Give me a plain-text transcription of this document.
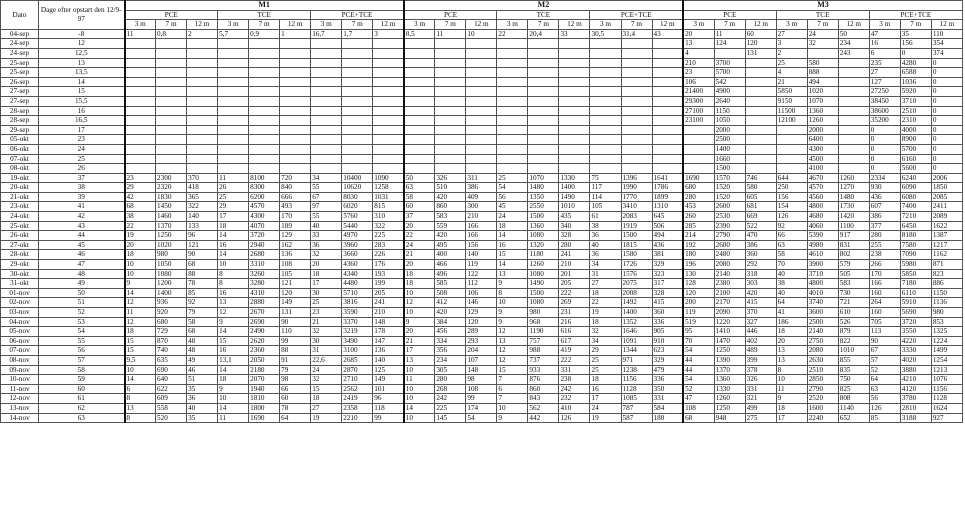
Dato	Dage efter opstart den 12/9-97	M1									M2									M3								
		PCE			TCE			PCE+TCE			PCE			TCE			PCE+TCE			PCE			TCE			PCE+TCE		
		3 m	7 m	12 m	3 m	7 m	12 m	3 m	7 m	12 m	3 m	7 m	12 m	3 m	7 m	12 m	3 m	7 m	12 m	3 m	7 m	12 m	3 m	7 m	12 m	3 m	7 m	12 m
04-sep	-8	11	0,8	2	5,7	0,9	1	16,7	1,7	3	8,5	11	10	22	20,4	33	30,5	31,4	43	20	11	60	27	24	50	47	35	110
24-sep	12																			13	124	120	3	32	234	16	156	354
24-sep	12,5																			4		131	2		243	6	0	374
25-sep	13																			210	3700		25	580		235	4280	0
25-sep	13,5																			23	5700		4	888		27	6588	0
26-sep	14																			106	542		21	494		127	1036	0
27-sep	15																			21400	4900		5850	1020		27250	5920	0
27-sep	15,5																			29300	2640		9150	1070		38450	3710	0
28-sep	16																			27100	1150		11500	1360		38600	2510	0
28-sep	16,5																			23100	1050		12100	1260		35200	2310	0
29-sep	17																				2000			2000		0	4000	0
05-okt	23																				2500			6400		0	8900	0
06-okt	24																				1400			4300		0	5700	0
07-okt	25																				1660			4500		0	6160	0
08-okt	26																				1500			4100		0	5600	0
19-okt	37	23	2300	370	11	8100	720	34	10400	1090	50	326	311	25	1070	1330	75	1396	1641	1690	1570	746	644	4670	1260	2334	6240	2006
20-okt	38	29	2320	418	26	8300	840	55	10620	1258	63	510	386	54	1480	1400	117	1990	1786	680	1520	580	250	4570	1270	930	6090	1850
21-okt	39	42	1830	365	25	6200	666	67	8030	1031	58	420	409	56	1350	1490	114	1770	1899	280	1520	605	156	4560	1480	436	6080	2085
23-okt	41	68	1450	322	29	4570	493	97	6020	815	60	860	300	45	2550	1010	105	3410	1310	453	2600	681	154	4800	1730	607	7400	2411
24-okt	42	38	1460	140	17	4300	170	55	5760	310	37	583	210	24	1500	435	61	2083	645	260	2530	669	126	4680	1420	386	7210	2089
25-okt	43	22	1370	133	18	4070	189	40	5440	322	20	559	166	18	1360	340	38	1919	506	285	2390	522	92	4060	1100	377	6450	1622
26-okt	44	19	1250	96	14	3720	129	33	4970	225	22	420	166	14	1080	328	36	1500	494	214	2790	470	66	5390	917	280	8180	1387
27-okt	45	20	1020	121	16	2940	162	36	3960	283	24	495	156	16	1320	280	40	1815	436	192	2600	386	63	4980	831	255	7580	1217
28-okt	46	18	980	90	14	2680	136	32	3660	226	21	400	140	15	1180	241	36	1580	381	180	2480	360	58	4610	802	238	7090	1162
29-okt	47	10	1050	68	10	3310	108	20	4360	176	20	466	119	14	1260	210	34	1726	329	196	2080	292	70	3900	579	266	5980	871
30-okt	48	10	1080	88	8	3260	105	18	4340	193	18	496	122	13	1080	201	31	1576	323	130	2140	318	40	3710	505	170	5850	823
31-okt	49	9	1200	78	8	3280	121	17	4480	199	18	585	112	9	1490	205	27	2075	317	128	2380	303	38	4800	583	166	7180	886
01-nov	50	14	1400	85	16	4310	120	30	5710	205	10	508	106	8	1500	222	18	2008	328	120	2100	420	40	4010	730	160	6110	1150
02-nov	51	12	936	92	13	2880	149	25	3816	241	12	412	146	10	1080	269	22	1492	415	200	2170	415	64	3740	721	264	5910	1136
03-nov	52	11	920	79	12	2670	131	23	3590	210	10	420	129	9	980	231	19	1400	360	119	2090	370	41	3600	610	160	5690	980
04-nov	53	12	680	58	9	2690	90	21	3370	148	9	384	120	9	968	216	18	1352	336	519	1220	327	186	2500	526	705	3720	853
05-nov	54	18	729	68	14	2490	110	32	3219	178	20	456	289	12	1190	616	32	1646	905	95	1410	446	18	2140	879	113	3550	1325
06-nov	55	15	870	48	15	2620	99	30	3490	147	21	334	293	13	757	617	34	1091	910	70	1470	402	20	2750	822	90	4220	1224
07-nov	56	15	740	48	16	2360	88	31	3100	136	17	356	204	12	988	419	29	1344	623	54	1250	489	13	2080	1010	67	3330	1499
08-nov	57	9,5	635	49	13,1	2050	91	22,6	2685	140	13	234	107	12	737	222	25	971	329	44	1390	399	13	2630	855	57	4020	1254
09-nov	58	10	690	46	14	2180	79	24	2870	125	10	305	148	15	933	331	25	1238	479	44	1370	378	8	2510	835	52	3880	1213
10-nov	59	14	640	51	18	2070	98	32	2710	149	11	280	98	7	876	238	18	1156	336	54	1360	326	10	2850	750	64	4210	1076
11-nov	60	6	622	35	9	1940	66	15	2562	101	10	268	108	6	860	242	16	1128	350	52	1330	331	11	2790	825	63	4120	1156
12-nov	61	8	609	36	10	1810	60	18	2419	96	10	242	99	7	843	232	17	1085	331	47	1260	321	9	2520	808	56	3780	1128
13-nov	62	13	558	40	14	1800	78	27	2358	118	14	225	174	10	562	410	24	787	584	108	1250	499	18	1600	1140	126	2810	1624
14-nov	63	8	520	35	11	1690	64	19	2210	99	10	145	54	9	442	126	19	587	180	68	948	275	17	2240	652	85	3188	927
